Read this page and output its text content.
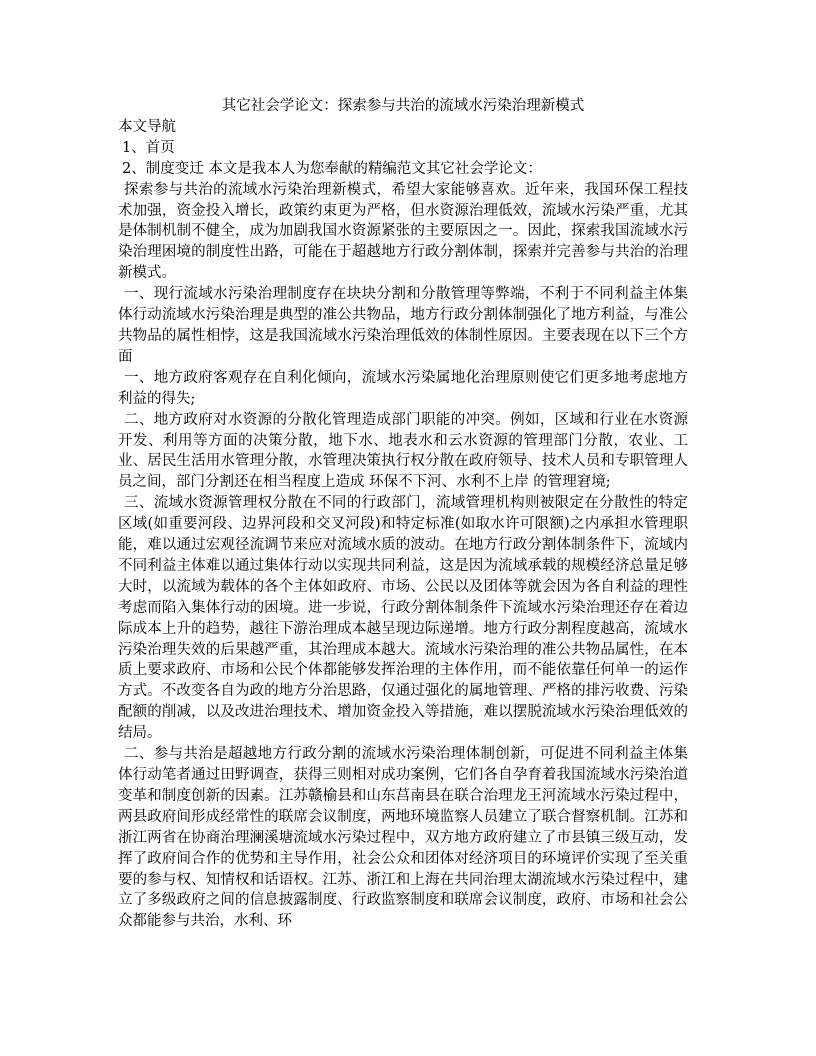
其它社会学论文：探索参与共治的流域水污染治理新模式
本文导航
1、首页
2、制度变迁 本文是我本人为您奉献的精编范文其它社会学论文：

探索参与共治的流域水污染治理新模式，希望大家能够喜欢。近年来，我国环保工程技术加强，资金投入增长，政策约束更为严格，但水资源治理低效，流域水污染严重，尤其是体制机制不健全，成为加剧我国水资源紧张的主要原因之一。因此，探索我国流域水污染治理困境的制度性出路，可能在于超越地方行政分割体制，探索并完善参与共治的治理新模式。

一、现行流域水污染治理制度存在块块分割和分散管理等弊端，不利于不同利益主体集体行动流域水污染治理是典型的准公共物品，地方行政分割体制强化了地方利益，与准公共物品的属性相悖，这是我国流域水污染治理低效的体制性原因。主要表现在以下三个方面

一、地方政府客观存在自利化倾向，流域水污染属地化治理原则使它们更多地考虑地方利益的得失;

二、地方政府对水资源的分散化管理造成部门职能的冲突。例如，区域和行业在水资源开发、利用等方面的决策分散，地下水、地表水和云水资源的管理部门分散，农业、工业、居民生活用水管理分散，水管理决策执行权分散在政府领导、技术人员和专职管理人员之间，部门分割还在相当程度上造成 环保不下河、水利不上岸 的管理窘境;

三、流域水资源管理权分散在不同的行政部门，流域管理机构则被限定在分散性的特定区域(如重要河段、边界河段和交叉河段)和特定标准(如取水许可限额)之内承担水管理职能，难以通过宏观径流调节来应对流域水质的波动。在地方行政分割体制条件下，流域内不同利益主体难以通过集体行动以实现共同利益，这是因为流域承载的规模经济总量足够大时，以流域为载体的各个主体如政府、市场、公民以及团体等就会因为各自利益的理性考虑而陷入集体行动的困境。进一步说，行政分割体制条件下流域水污染治理还存在着边际成本上升的趋势，越往下游治理成本越呈现边际递增。地方行政分割程度越高，流域水污染治理失效的后果越严重，其治理成本越大。流域水污染治理的准公共物品属性，在本质上要求政府、市场和公民个体都能够发挥治理的主体作用，而不能依靠任何单一的运作方式。不改变各自为政的地方分治思路，仅通过强化的属地管理、严格的排污收费、污染配额的削减，以及改进治理技术、增加资金投入等措施，难以摆脱流域水污染治理低效的结局。

二、参与共治是超越地方行政分割的流域水污染治理体制创新，可促进不同利益主体集体行动笔者通过田野调查，获得三则相对成功案例，它们各自孕育着我国流域水污染治道变革和制度创新的因素。江苏赣榆县和山东莒南县在联合治理龙王河流域水污染过程中，两县政府间形成经常性的联席会议制度，两地环境监察人员建立了联合督察机制。江苏和浙江两省在协商治理澜溪塘流域水污染过程中，双方地方政府建立了市县镇三级互动，发挥了政府间合作的优势和主导作用，社会公众和团体对经济项目的环境评价实现了至关重要的参与权、知情权和话语权。江苏、浙江和上海在共同治理太湖流域水污染过程中，建立了多级政府之间的信息披露制度、行政监察制度和联席会议制度，政府、市场和社会公众都能参与共治，水利、环
